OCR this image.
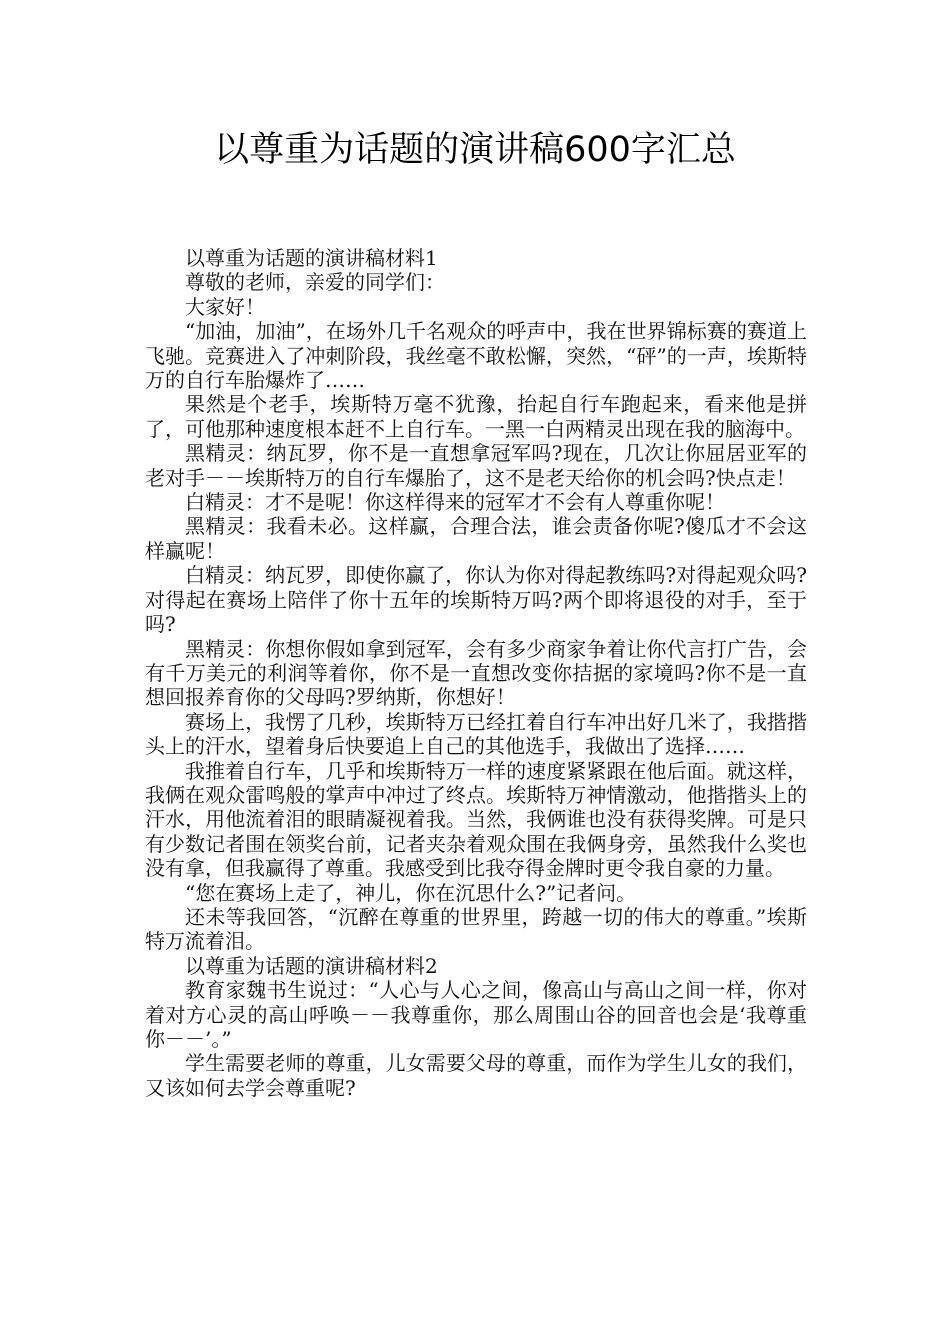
以尊重为话题的演讲稿600字汇总

以尊重为话题的演讲稿材料1

尊敬的老师，亲爱的同学们：

大家好！

“加油，加油”，在场外几千名观众的呼声中，我在世界锦标赛的赛道上飞驰。竞赛进入了冲刺阶段，我丝毫不敢松懈，突然，“砰”的一声，埃斯特万的自行车胎爆炸了……

果然是个老手，埃斯特万毫不犹豫，抬起自行车跑起来，看来他是拼了，可他那种速度根本赶不上自行车。一黑一白两精灵出现在我的脑海中。

黑精灵：纳瓦罗，你不是一直想拿冠军吗?现在，几次让你屈居亚军的老对手－－埃斯特万的自行车爆胎了，这不是老天给你的机会吗?快点走！

白精灵：才不是呢！你这样得来的冠军才不会有人尊重你呢！

黑精灵：我看未必。这样赢，合理合法，谁会责备你呢?傻瓜才不会这样赢呢！

白精灵：纳瓦罗，即使你赢了，你认为你对得起教练吗?对得起观众吗?对得起在赛场上陪伴了你十五年的埃斯特万吗?两个即将退役的对手，至于吗?

黑精灵：你想你假如拿到冠军，会有多少商家争着让你代言打广告，会有千万美元的利润等着你，你不是一直想改变你拮据的家境吗?你不是一直想回报养育你的父母吗?罗纳斯，你想好！

赛场上，我愣了几秒，埃斯特万已经扛着自行车冲出好几米了，我揩揩头上的汗水，望着身后快要追上自己的其他选手，我做出了选择……

我推着自行车，几乎和埃斯特万一样的速度紧紧跟在他后面。就这样，我俩在观众雷鸣般的掌声中冲过了终点。埃斯特万神情激动，他揩揩头上的汗水，用他流着泪的眼睛凝视着我。当然，我俩谁也没有获得奖牌。可是只有少数记者围在领奖台前，记者夹杂着观众围在我俩身旁，虽然我什么奖也没有拿，但我赢得了尊重。我感受到比我夺得金牌时更令我自豪的力量。

“您在赛场上走了，神儿，你在沉思什么?”记者问。

还未等我回答，“沉醉在尊重的世界里，跨越一切的伟大的尊重。”埃斯特万流着泪。

以尊重为话题的演讲稿材料2

教育家魏书生说过：“人心与人心之间，像高山与高山之间一样，你对着对方心灵的高山呼唤－－我尊重你，那么周围山谷的回音也会是‘我尊重你－－’。”

学生需要老师的尊重，儿女需要父母的尊重，而作为学生儿女的我们，又该如何去学会尊重呢?
